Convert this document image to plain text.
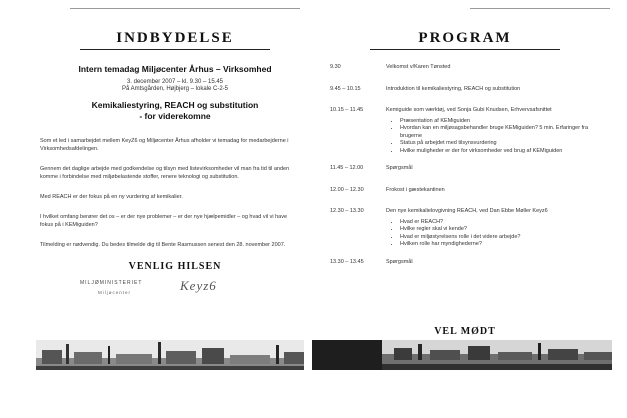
INDBYDELSE
Intern temadag Miljøcenter Århus – Virksomhed
3. december 2007 – kl. 9.30 – 15.45
På Amtsgården, Højbjerg – lokale C-2-5
Kemikaliestyring, REACH og substitution
- for viderekomne
Som et led i samarbejdet mellem KeyZ6 og Miljøcenter Århus afholder vi temadag for medarbejderne i Virksomhedsafdelingen.
Gennem det daglige arbejde med godkendelse og tilsyn med listevirksomheder vil man fra tid til anden komme i forbindelse med miljøbelastende stoffer, renere teknologi og substitution.
Med REACH er der fokus på en ny vurdering af kemikalier.
I hvilket omfang berører det os – er der nye problemer – er der nye hjælpemidler – og hvad vil vi have fokus på i KEMiguiden?
Tilmelding er nødvendig. Du bedes tilmelde dig til Bente Rasmussen senest den 28. november 2007.
VENLIG HILSEN
MILJØMINISTERIET
Miljøcenter	Keyz6
PROGRAM
9.30	Velkomst v/Karen Tønsted
9.45 – 10.15	Introduktion til kemikaliestyring, REACH og substitution
10.15 – 11.45	Kemiguide som værktøj, ved Sonja Gubi Knudsen, Erhvervsafsnittet
• Præsentation af KEMiguiden
• Hvordan kan en miljøsagsbehandler bruge KEMiguiden? 5 min. Erfaringer fra brugerne
• Status på arbejdet med tilsynsvurdering
• Hvilke muligheder er der for virksomheder ved brug af KEMiguiden
11.45 – 12.00	Spørgsmål
12.00 – 12.30	Frokost i gæstekantinen
12.30 – 13.30	Den nye kemikalielovgivning REACH, ved Dan Ebbe Møller Keyz6
• Hvad er REACH?
• Hvilke regler skal vi kende?
• Hvad er miljøstyrelsens rolle i det videre arbejde?
• Hvilken rolle har myndighederne?
13.30 – 13.45	Spørgsmål
VEL MØDT
